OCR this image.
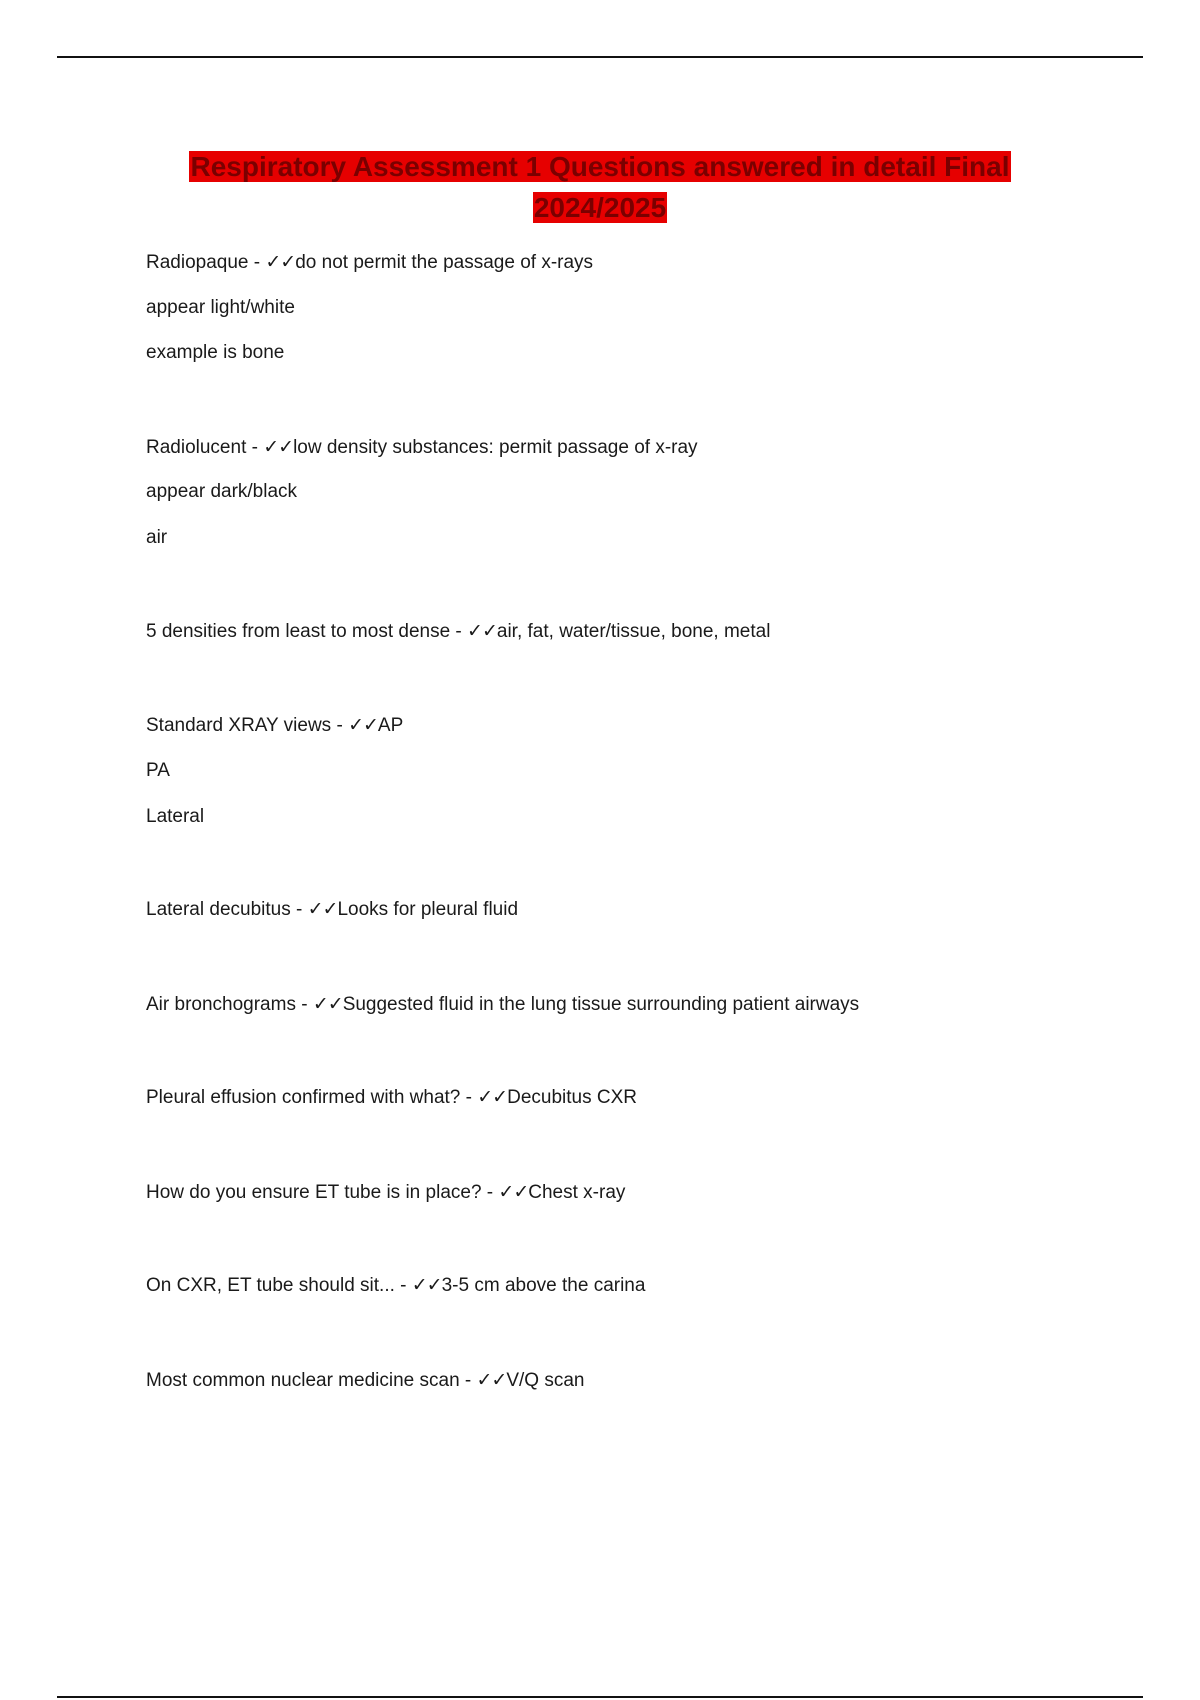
Respiratory Assessment 1 Questions answered in detail Final
2024/2025
Radiopaque - ✓✓do not permit the passage of x-rays
appear light/white
example is bone
Radiolucent - ✓✓low density substances: permit passage of x-ray
appear dark/black
air
5 densities from least to most dense - ✓✓air, fat, water/tissue, bone, metal
Standard XRAY views - ✓✓AP
PA
Lateral
Lateral decubitus - ✓✓Looks for pleural fluid
Air bronchograms - ✓✓Suggested fluid in the lung tissue surrounding patient airways
Pleural effusion confirmed with what? - ✓✓Decubitus CXR
How do you ensure ET tube is in place? - ✓✓Chest x-ray
On CXR, ET tube should sit... - ✓✓3-5 cm above the carina
Most common nuclear medicine scan - ✓✓V/Q scan
